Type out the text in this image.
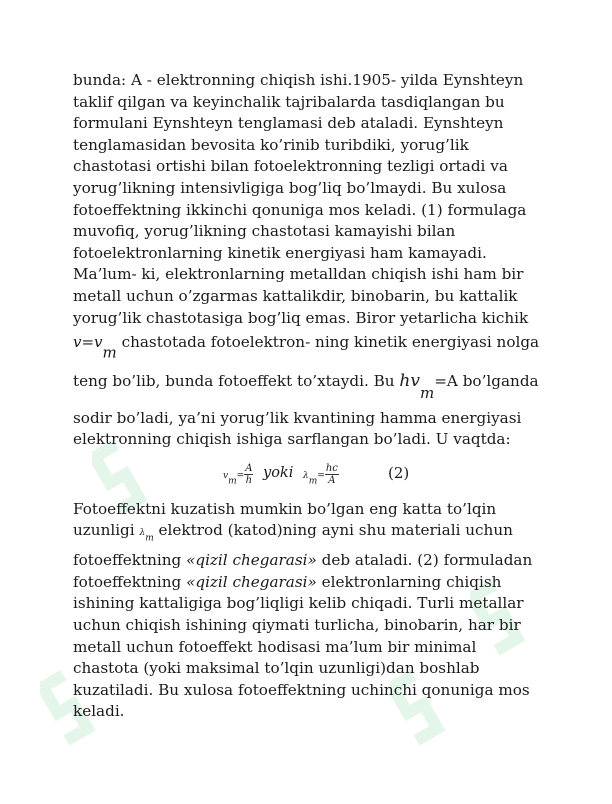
bunda: A - elektronning chiqish ishi.1905- yilda Eynshteyn
taklif qilgan va keyinchalik tajribalarda tasdiqlangan bu
formulani Eynshteyn tenglamasi deb ataladi. Eynshteyn
tenglamasidan bevosita ko’rinib turibdiki, yorug’lik
chastotasi ortishi bilan fotoelektronning tezligi ortadi va
yorug’likning intensivligiga bog’liq bo’lmaydi. Bu xulosa
fotoeffektning ikkinchi qonuniga mos keladi. (1) formulaga
muvofiq, yorug’likning chastotasi kamayishi bilan
fotoelektronlarning kinetik energiyasi ham kamayadi.
Ma’lum- ki, elektronlarning metalldan chiqish ishi ham bir
metall uchun o’zgarmas kattalikdir, binobarin, bu kattalik
yorug’lik chastotasiga bog’liq emas. Biror yetarlicha kichik
v=vm chastotada fotoelektron- ning kinetik energiyasi nolga
teng bo’lib, bunda fotoeffekt to’xtaydi. Bu hvm=A bo’lganda
sodir bo’ladi, ya’ni yorug’lik kvantining hamma energiyasi
elektronning chiqish ishiga sarflangan bo’ladi. U vaqtda:

$v_m= \frac{A}{h}$ yoki $\lambda_m= \frac{hc}{A}$	(2)

Fotoeffektni kuzatish mumkin bo’lgan eng katta to’lqin
uzunligi $\lambda_m$ elektrod (katod)ning ayni shu materiali uchun
fotoeffektning «qizil chegarasi» deb ataladi. (2) formuladan
fotoeffektning «qizil chegarasi» elektronlarning chiqish
ishining kattaligiga bog’liqligi kelib chiqadi. Turli metallar
uchun chiqish ishining qiymati turlicha, binobarin, har bir
metall uchun fotoeffekt hodisasi ma’lum bir minimal
chastota (yoki maksimal to’lqin uzunligi)dan boshlab
kuzatiladi. Bu xulosa fotoeffektning uchinchi qonuniga mos
keladi.
